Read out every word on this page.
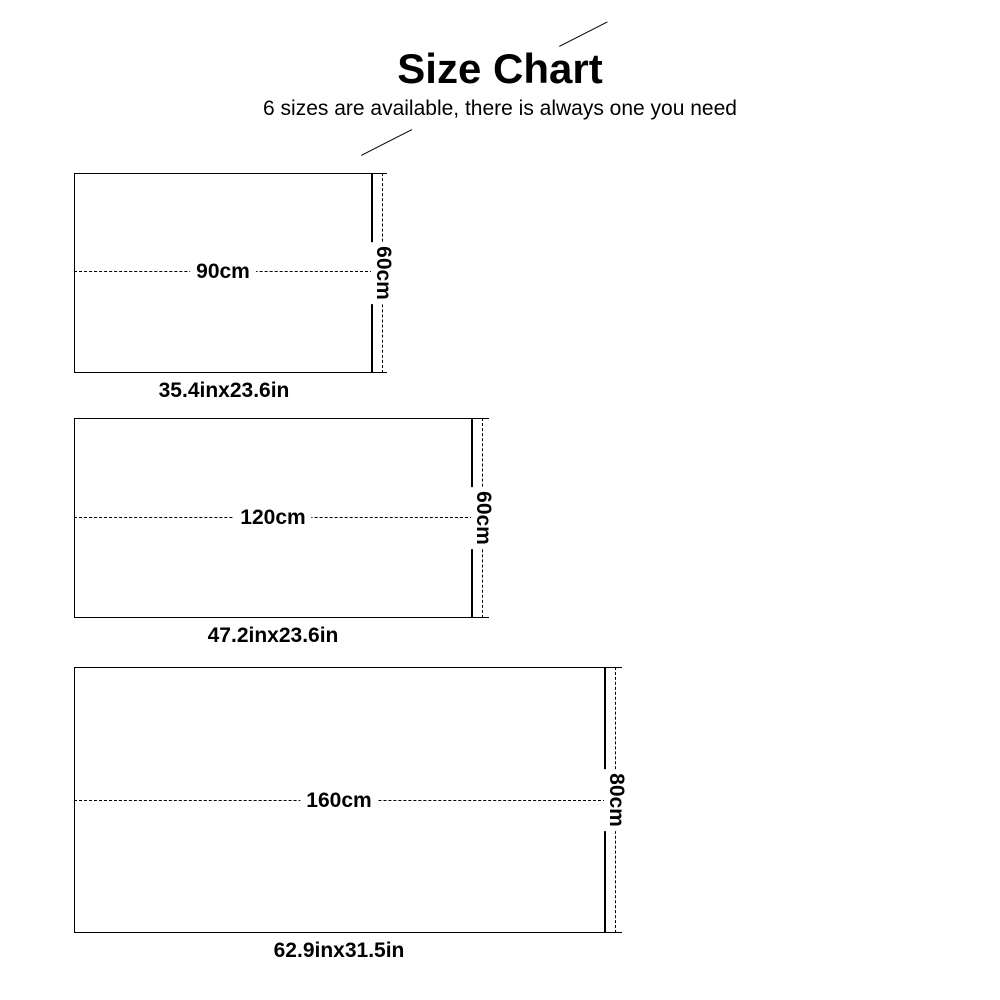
Size Chart
6 sizes are available, there is always one you need
90cm	60cm
35.4inx23.6in
120cm	60cm
47.2inx23.6in
160cm	80cm
62.9inx31.5in
